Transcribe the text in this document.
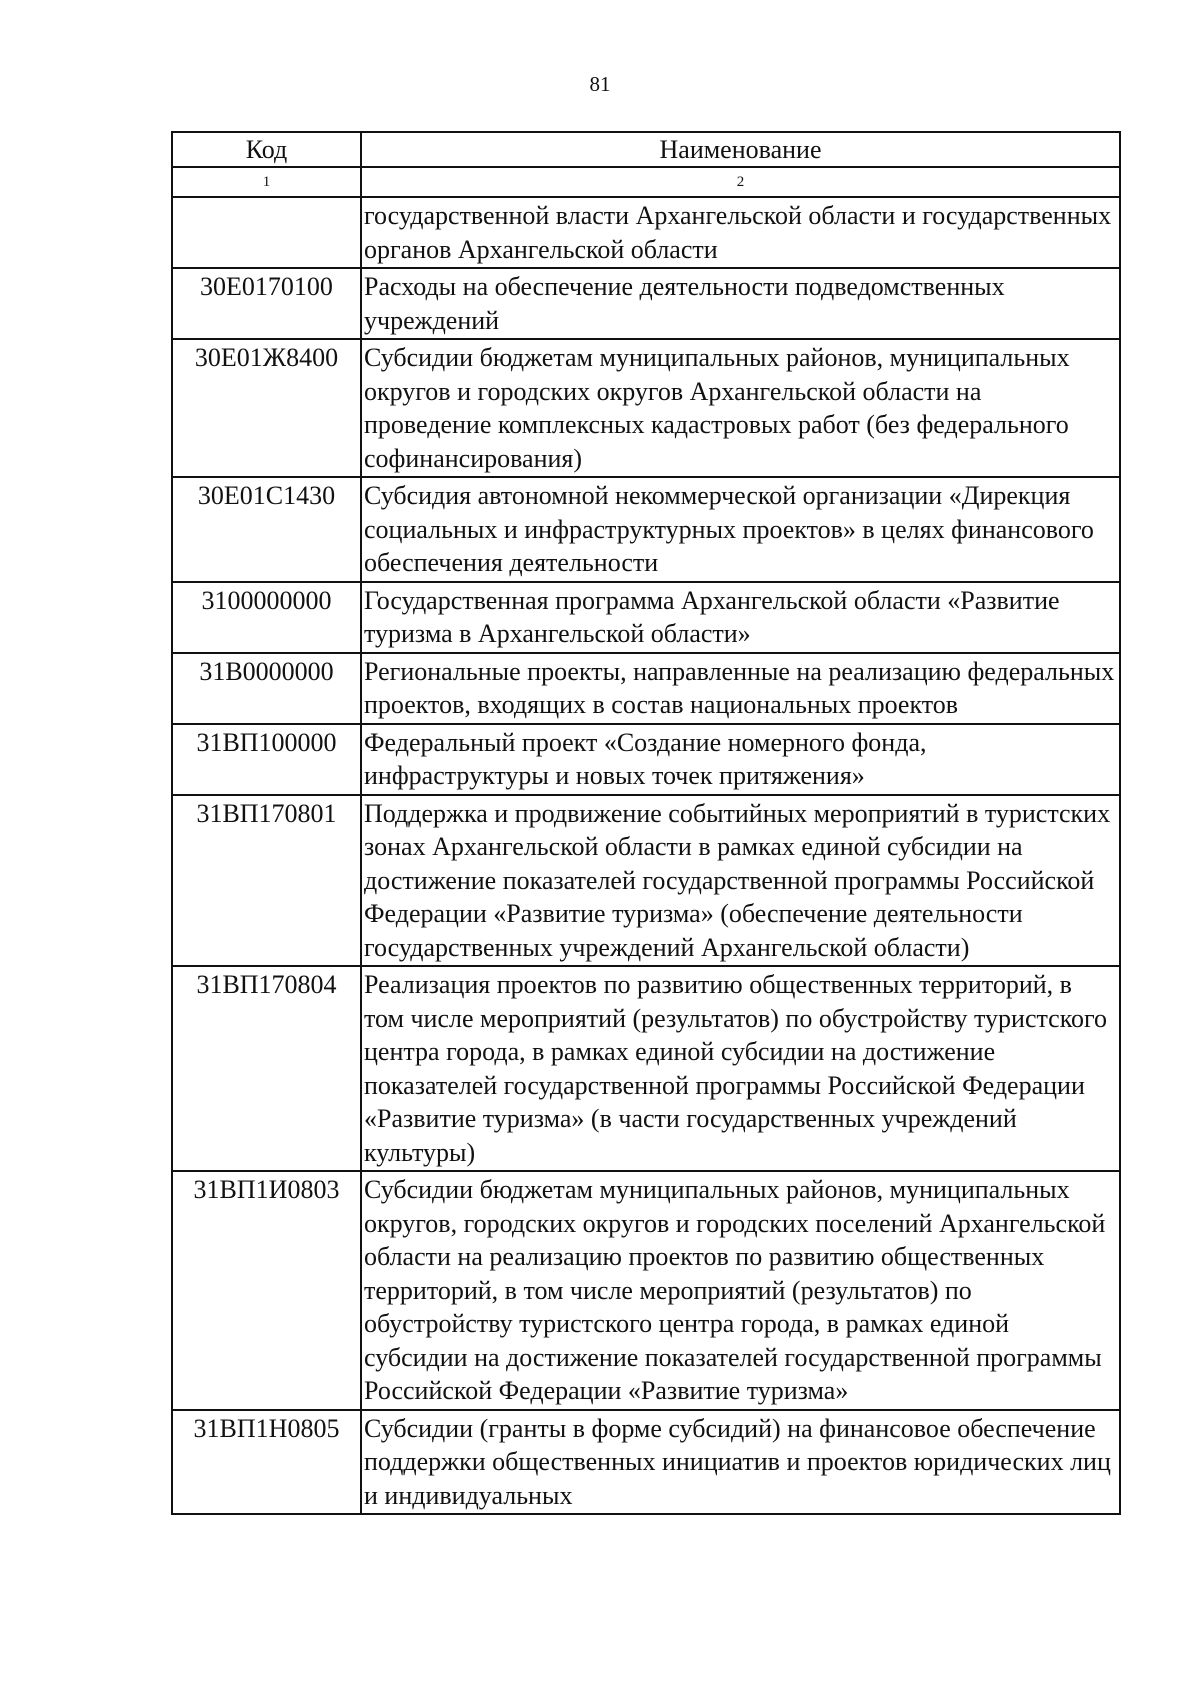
81
Код	Наименование
1	2
	государственной власти Архангельской области и государственных органов Архангельской области
30Е0170100	Расходы на обеспечение деятельности подведомственных учреждений
30Е01Ж8400	Субсидии бюджетам муниципальных районов, муниципальных округов и городских округов Архангельской области на проведение комплексных кадастровых работ (без федерального софинансирования)
30Е01С1430	Субсидия автономной некоммерческой организации «Дирекция социальных и инфраструктурных проектов» в целях финансового обеспечения деятельности
3100000000	Государственная программа Архангельской области «Развитие туризма в Архангельской области»
31В0000000	Региональные проекты, направленные на реализацию федеральных проектов, входящих в состав национальных проектов
31ВП100000	Федеральный проект «Создание номерного фонда, инфраструктуры и новых точек притяжения»
31ВП170801	Поддержка и продвижение событийных мероприятий в туристских зонах Архангельской области в рамках единой субсидии на достижение показателей государственной программы Российской Федерации «Развитие туризма» (обеспечение деятельности государственных учреждений Архангельской области)
31ВП170804	Реализация проектов по развитию общественных территорий, в том числе мероприятий (результатов) по обустройству туристского центра города, в рамках единой субсидии на достижение показателей государственной программы Российской Федерации «Развитие туризма» (в части государственных учреждений культуры)
31ВП1И0803	Субсидии бюджетам муниципальных районов, муниципальных округов, городских округов и городских поселений Архангельской области на реализацию проектов по развитию общественных территорий, в том числе мероприятий (результатов) по обустройству туристского центра города, в рамках единой субсидии на достижение показателей государственной программы Российской Федерации «Развитие туризма»
31ВП1Н0805	Субсидии (гранты в форме субсидий) на финансовое обеспечение поддержки общественных инициатив и проектов юридических лиц и индивидуальных
